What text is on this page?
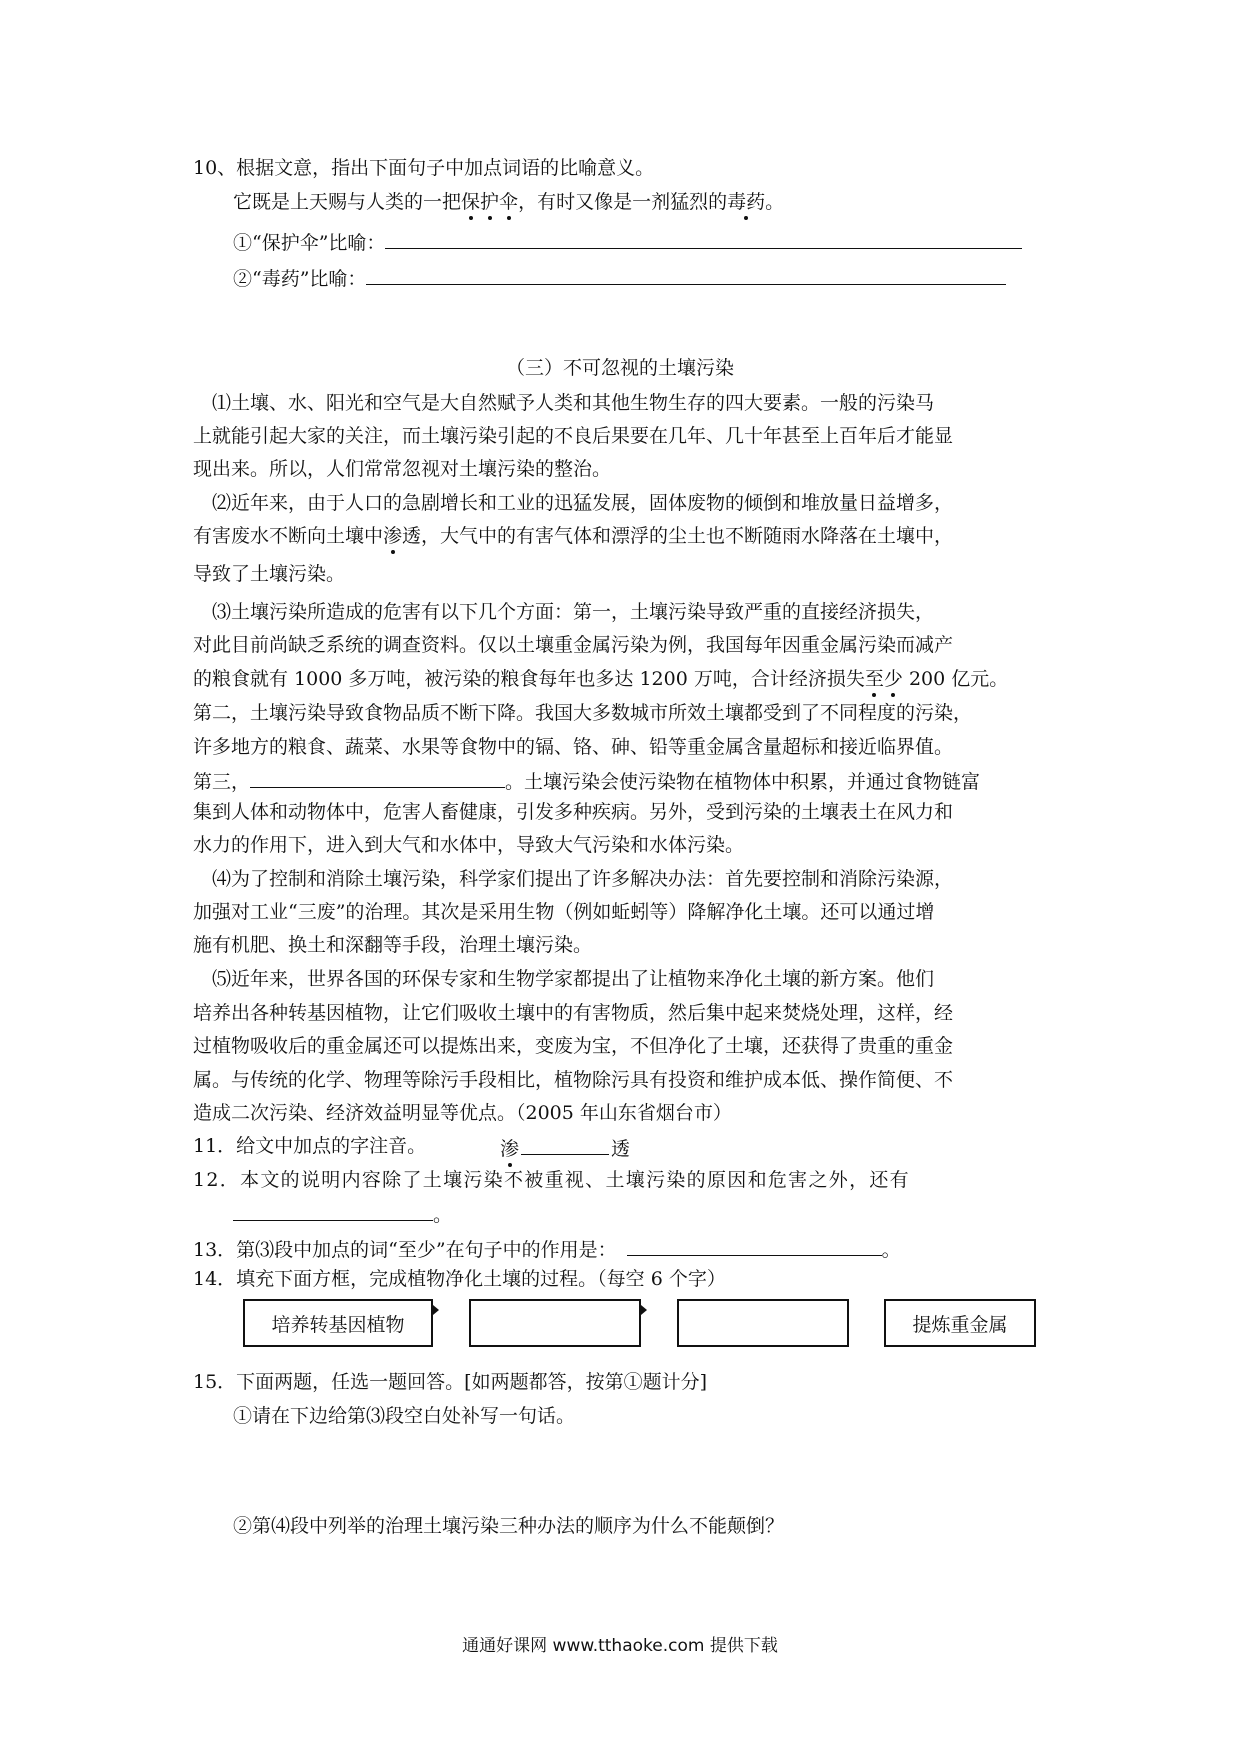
10、根据文意，指出下面句子中加点词语的比喻意义。
它既是上天赐与人类的一把保护伞，有时又像是一剂猛烈的毒药。
①“保护伞”比喻：
②“毒药”比喻：
（三）不可忽视的土壤污染
⑴土壤、水、阳光和空气是大自然赋予人类和其他生物生存的四大要素。一般的污染马
上就能引起大家的关注，而土壤污染引起的不良后果要在几年、几十年甚至上百年后才能显
现出来。所以，人们常常忽视对土壤污染的整治。
⑵近年来，由于人口的急剧增长和工业的迅猛发展，固体废物的倾倒和堆放量日益增多，
有害废水不断向土壤中渗透，大气中的有害气体和漂浮的尘土也不断随雨水降落在土壤中，
导致了土壤污染。
⑶土壤污染所造成的危害有以下几个方面：第一，土壤污染导致严重的直接经济损失，
对此目前尚缺乏系统的调查资料。仅以土壤重金属污染为例，我国每年因重金属污染而减产
的粮食就有 1000 多万吨，被污染的粮食每年也多达 1200 万吨，合计经济损失至少 200 亿元。
第二，土壤污染导致食物品质不断下降。我国大多数城市所效土壤都受到了不同程度的污染，
许多地方的粮食、蔬菜、水果等食物中的镉、铬、砷、铅等重金属含量超标和接近临界值。
第三，	。土壤污染会使污染物在植物体中积累，并通过食物链富
集到人体和动物体中，危害人畜健康，引发多种疾病。另外，受到污染的土壤表土在风力和
水力的作用下，进入到大气和水体中，导致大气污染和水体污染。
⑷为了控制和消除土壤污染，科学家们提出了许多解决办法：首先要控制和消除污染源，
加强对工业“三废”的治理。其次是采用生物（例如蚯蚓等）降解净化土壤。还可以通过增
施有机肥、换土和深翻等手段，治理土壤污染。
⑸近年来，世界各国的环保专家和生物学家都提出了让植物来净化土壤的新方案。他们
培养出各种转基因植物，让它们吸收土壤中的有害物质，然后集中起来焚烧处理，这样，经
过植物吸收后的重金属还可以提炼出来，变废为宝，不但净化了土壤，还获得了贵重的重金
属。与传统的化学、物理等除污手段相比，植物除污具有投资和维护成本低、操作简便、不
造成二次污染、经济效益明显等优点。（2005 年山东省烟台市）
11．给文中加点的字注音。	渗	透
12．本文的说明内容除了土壤污染不被重视、土壤污染的原因和危害之外，还有
。
13．第⑶段中加点的词“至少”在句子中的作用是：	。
14．填充下面方框，完成植物净化土壤的过程。（每空 6 个字）
培养转基因植物	提炼重金属
15．下面两题，任选一题回答。[如两题都答，按第①题计分]
①请在下边给第⑶段空白处补写一句话。
②第⑷段中列举的治理土壤污染三种办法的顺序为什么不能颠倒？
通通好课网 www.tthaoke.com 提供下载
